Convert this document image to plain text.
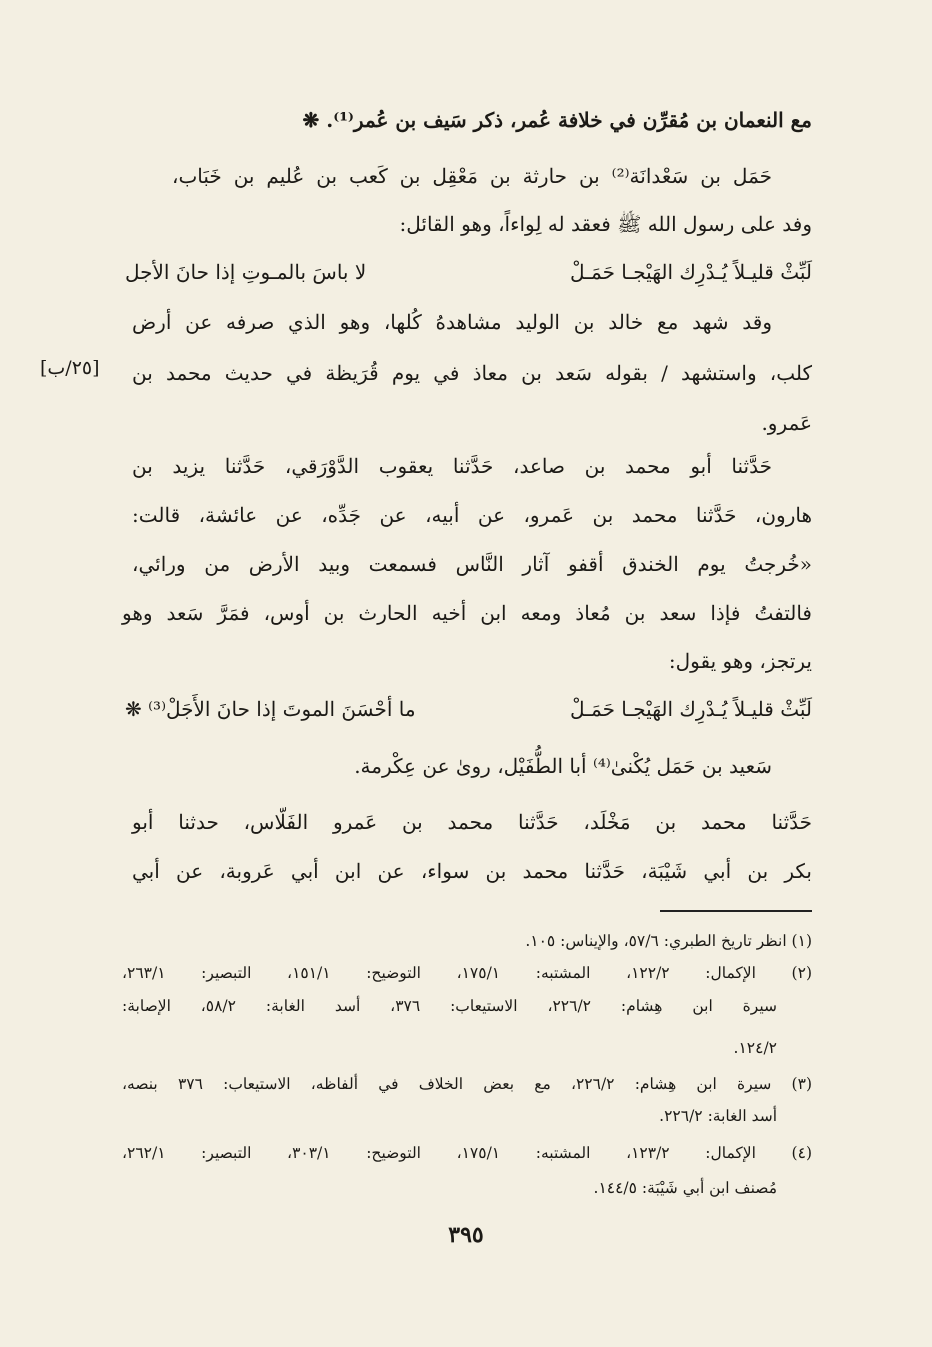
مع النعمان بن مُقرِّن في خلافة عُمر، ذكر سَيف بن عُمر⁽¹⁾. ❋
حَمَل بن سَعْدانَة⁽²⁾ بن حارثة بن مَعْقِل بن كَعب بن عُليم بن خَبَاب،
وفد على رسول الله ﷺ فعقد له لِواءاً، وهو القائل:
لَبِّثْ قليـلاً يُـدْرِك الهَيْجـا حَمَـلْ
لا باسَ بالمـوتِ إذا حانَ الأجل
وقد شهد مع خالد بن الوليد مشاهدهُ كُلها، وهو الذي صرفه عن أرض
كلب، واستشهد / بقوله سَعد بن معاذ في يوم قُرَيظة في حديث محمد بن
[٢٥/ب]
عَمرو.
حَدَّثنا أبو محمد بن صاعد، حَدَّثنا يعقوب الدَّوْرَقي، حَدَّثنا يزيد بن
هارون، حَدَّثنا محمد بن عَمرو، عن أبيه، عن جَدِّه، عن عائشة، قالت:
«خُرجتُ يوم الخندق أقفو آثار النَّاس فسمعت وبيد الأرض من ورائي،
فالتفتُ فإذا سعد بن مُعاذ ومعه ابن أخيه الحارث بن أوس، فمَرَّ سَعد وهو
يرتجز، وهو يقول:
لَبِّثْ قليـلاً يُـدْرِك الهَيْجـا حَمَـلْ
ما أحْسَنَ الموتَ إذا حانَ الأَجَلْ⁽³⁾ ❋
سَعيد بن حَمَل يُكْنىٰ⁽⁴⁾ أبا الطُّفَيْل، روىٰ عن عِكْرمة.
حَدَّثنا محمد بن مَخْلَد، حَدَّثنا محمد بن عَمرو الفَلّاس، حدثنا أبو
بكر بن أبي شَيْبَة، حَدَّثنا محمد بن سواء، عن ابن أبي عَروبة، عن أبي
(١) انظر تاريخ الطبري: ٥٧/٦، والإيناس: ١٠٥.
(٢) الإكمال: ١٢٢/٢، المشتبه: ١٧٥/١، التوضيح: ١٥١/١، التبصير: ٢٦٣/١،
سيرة ابن هِشام: ٢٢٦/٢، الاستيعاب: ٣٧٦، أسد الغابة: ٥٨/٢، الإصابة:
١٢٤/٢.
(٣) سيرة ابن هِشام: ٢٢٦/٢، مع بعض الخلاف في ألفاظه، الاستيعاب: ٣٧٦ بنصه،
أسد الغابة: ٢٢٦/٢.
(٤) الإكمال: ١٢٣/٢، المشتبه: ١٧٥/١، التوضيح: ٣٠٣/١، التبصير: ٢٦٢/١،
مُصنف ابن أبي شَيْبَة: ١٤٤/٥.
٣٩٥
